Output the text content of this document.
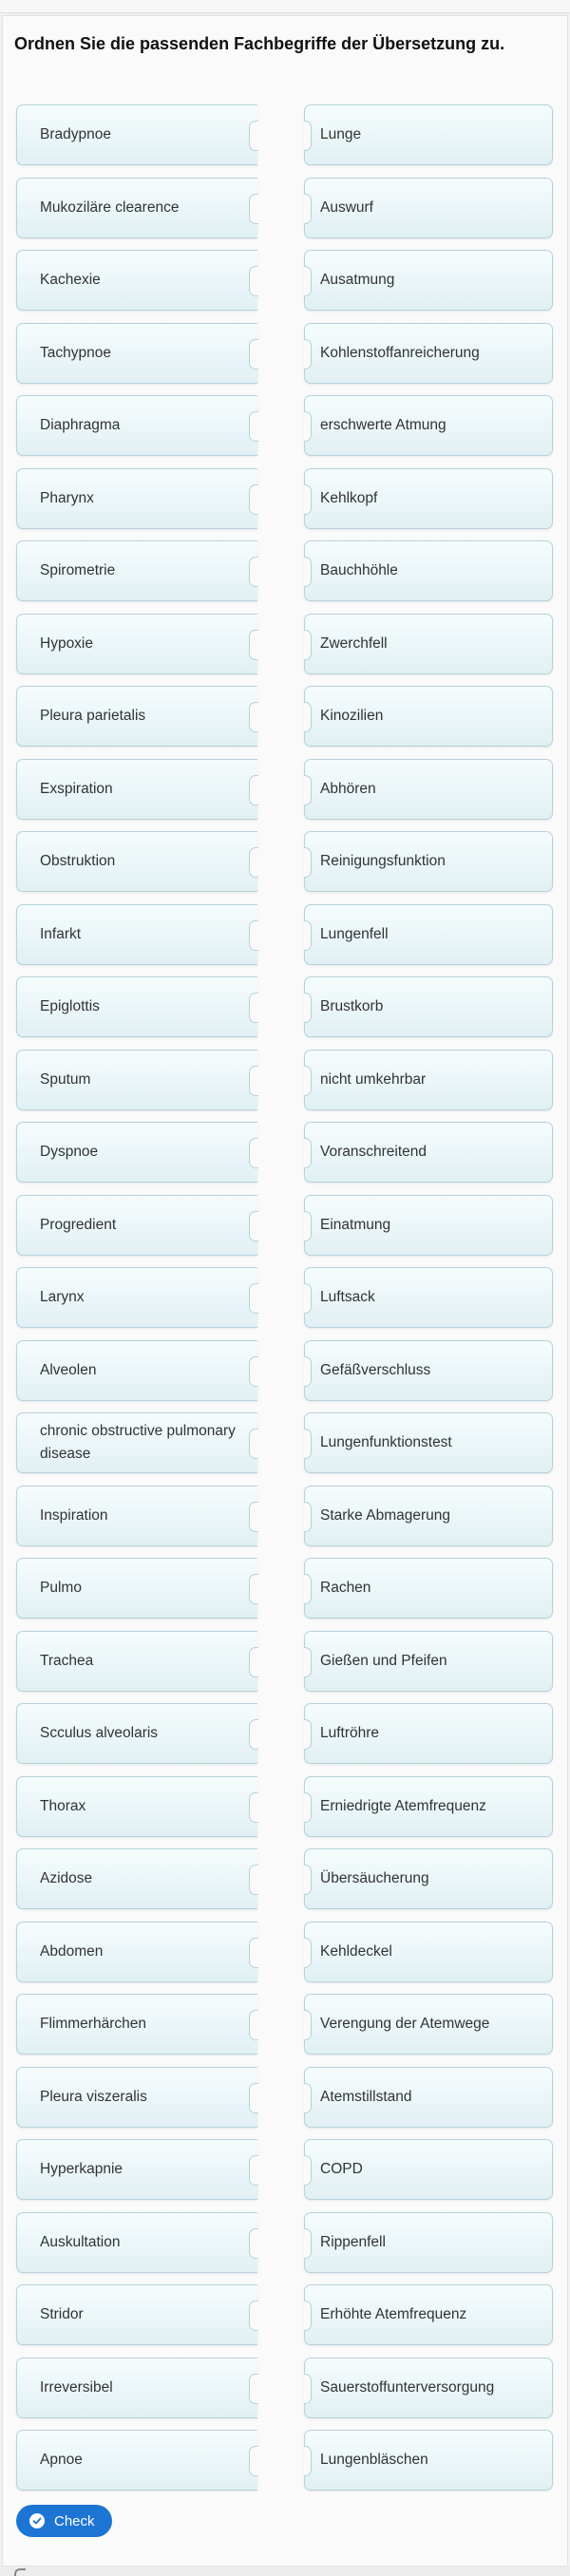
Ordnen Sie die passenden Fachbegriffe der Übersetzung zu.
Bradypnoe
Mukoziläre clearence
Kachexie
Tachypnoe
Diaphragma
Pharynx
Spirometrie
Hypoxie
Pleura parietalis
Exspiration
Obstruktion
Infarkt
Epiglottis
Sputum
Dyspnoe
Progredient
Larynx
Alveolen
chronic obstructive pulmonary disease
Inspiration
Pulmo
Trachea
Scculus alveolaris
Thorax
Azidose
Abdomen
Flimmerhärchen
Pleura viszeralis
Hyperkapnie
Auskultation
Stridor
Irreversibel
Apnoe
Lunge
Auswurf
Ausatmung
Kohlenstoffanreicherung
erschwerte Atmung
Kehlkopf
Bauchhöhle
Zwerchfell
Kinozilien
Abhören
Reinigungsfunktion
Lungenfell
Brustkorb
nicht umkehrbar
Voranschreitend
Einatmung
Luftsack
Gefäßverschluss
Lungenfunktionstest
Starke Abmagerung
Rachen
Gießen und Pfeifen
Luftröhre
Erniedrigte Atemfrequenz
Übersäucherung
Kehldeckel
Verengung der Atemwege
Atemstillstand
COPD
Rippenfell
Erhöhte Atemfrequenz
Sauerstoffunterversorgung
Lungenbläschen
Check
